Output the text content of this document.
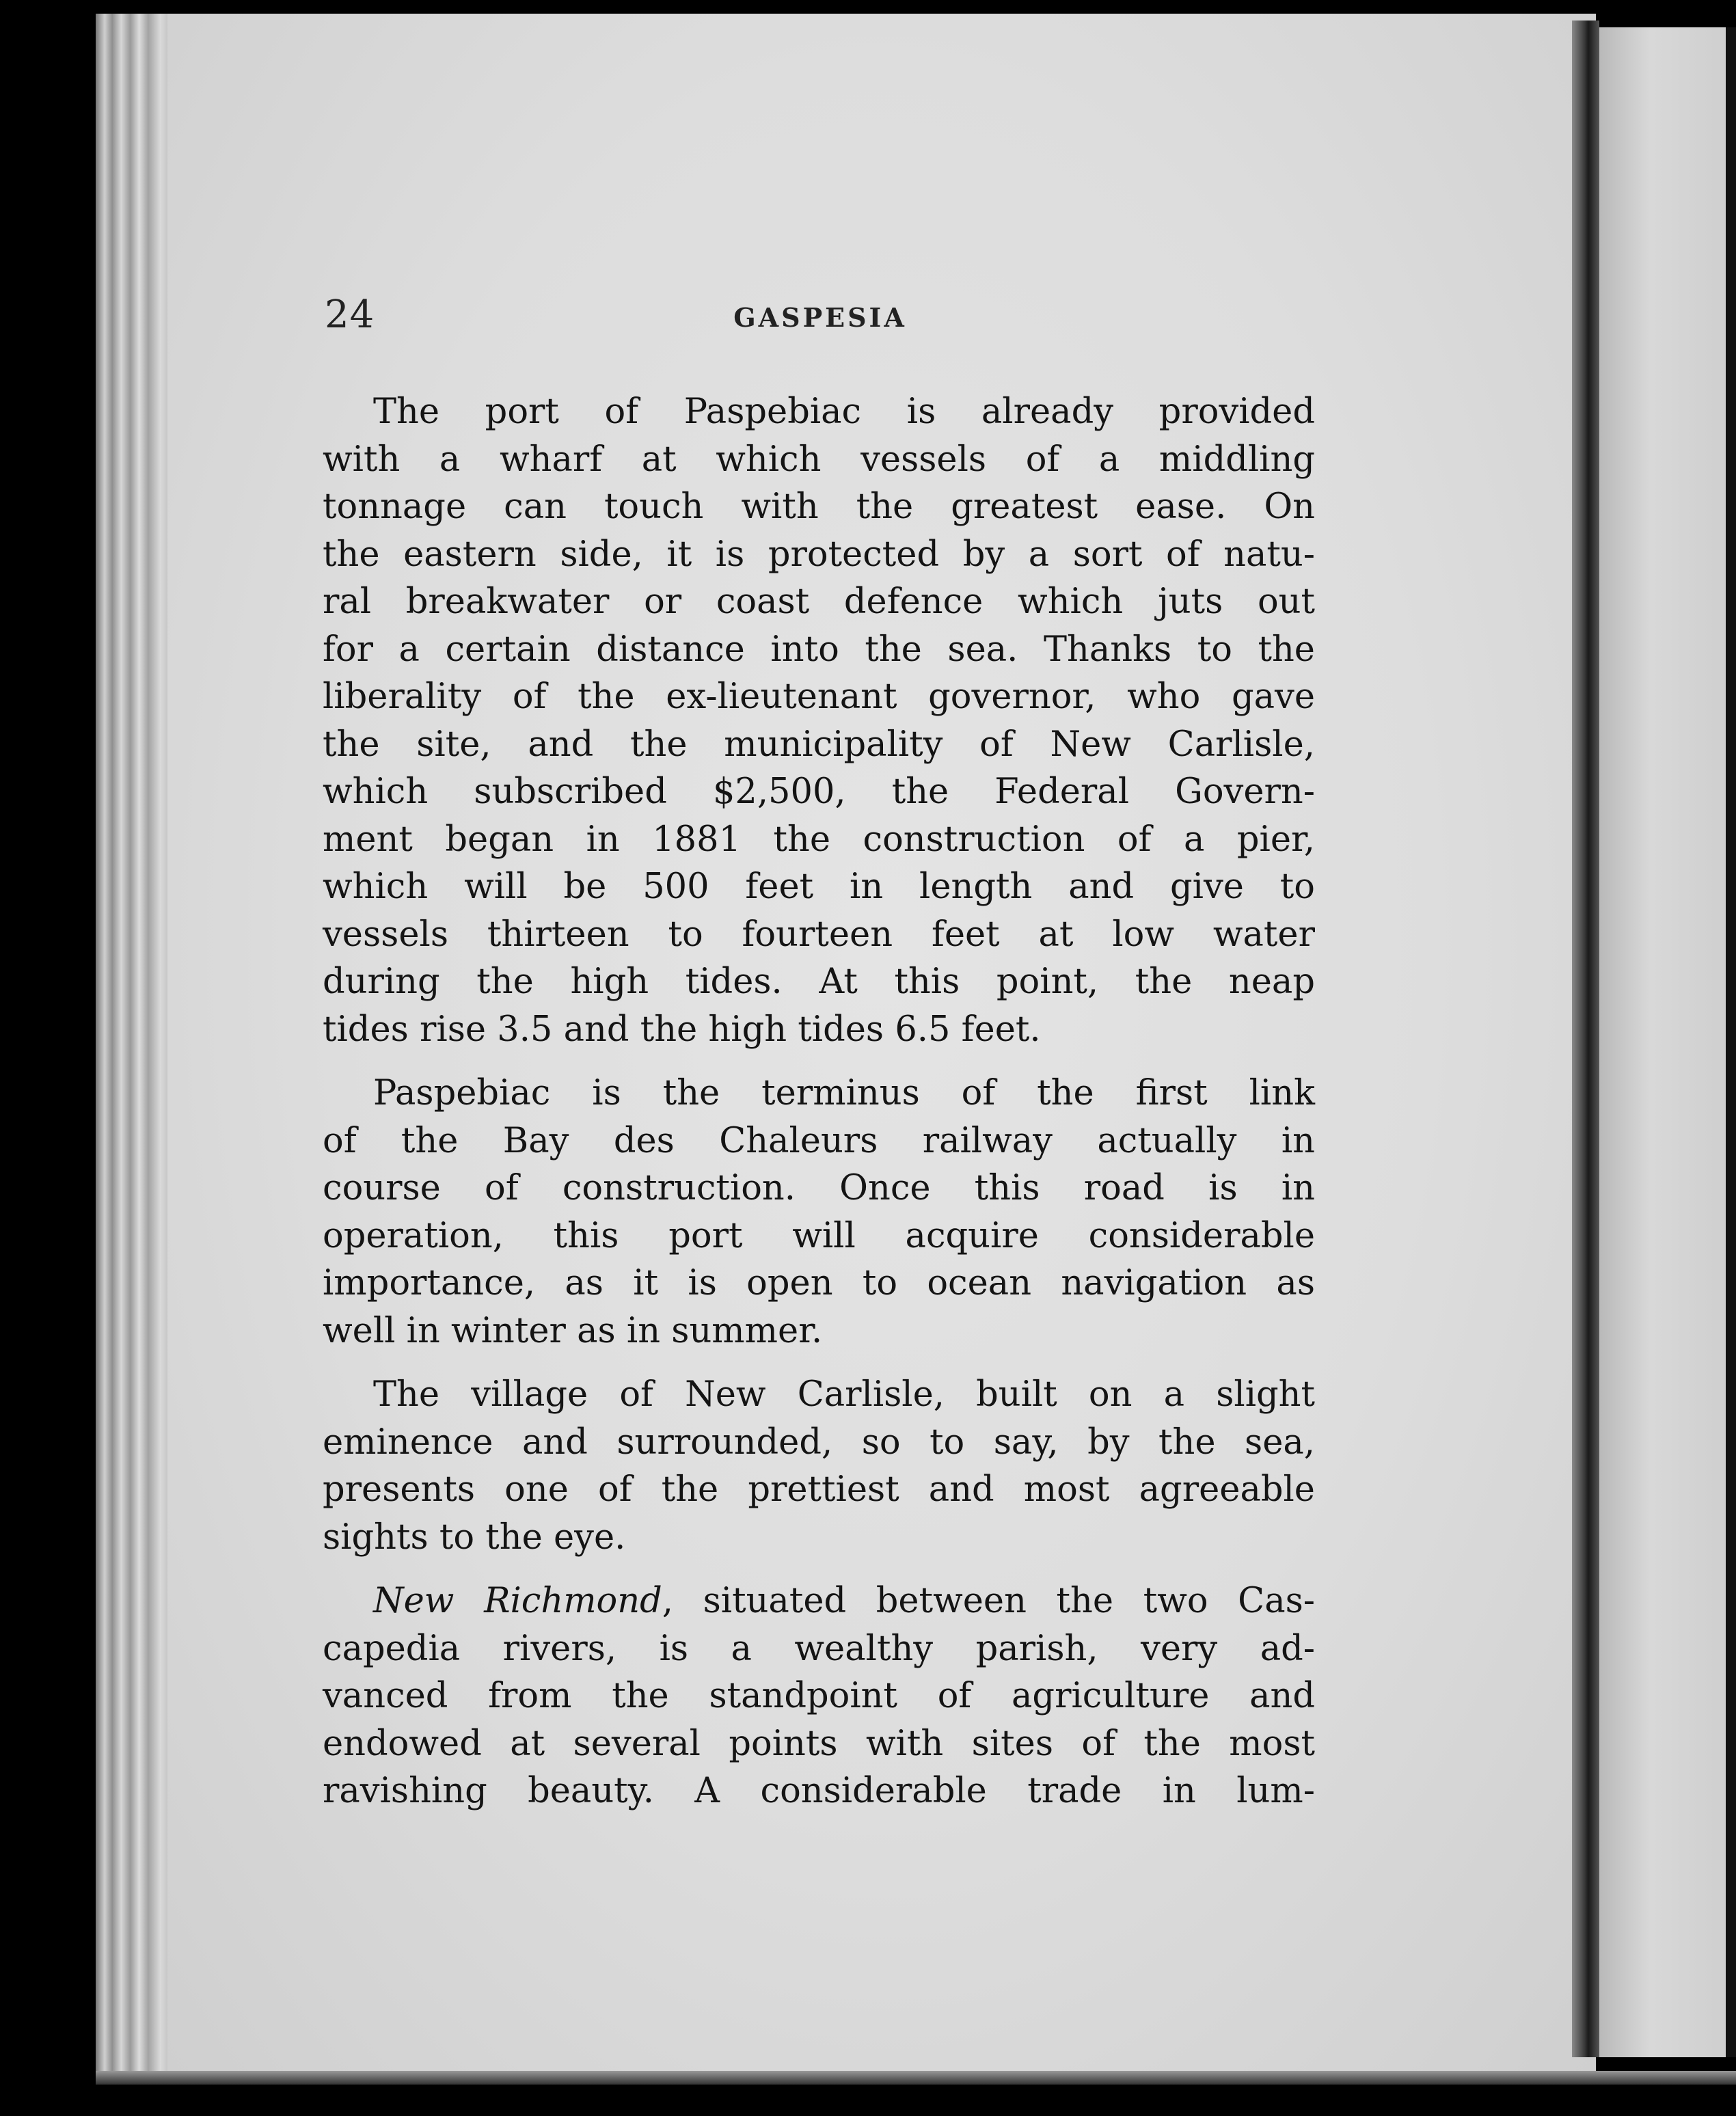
24	GASPESIA

The port of Paspebiac is already provided
with a wharf at which vessels of a middling
tonnage can touch with the greatest ease. On
the eastern side, it is protected by a sort of natu-
ral breakwater or coast defence which juts out
for a certain distance into the sea. Thanks to the
liberality of the ex-lieutenant governor, who gave
the site, and the municipality of New Carlisle,
which subscribed $2,500, the Federal Govern-
ment began in 1881 the construction of a pier,
which will be 500 feet in length and give to
vessels thirteen to fourteen feet at low water
during the high tides. At this point, the neap
tides rise 3.5 and the high tides 6.5 feet.

Paspebiac is the terminus of the first link
of the Bay des Chaleurs railway actually in
course of construction. Once this road is in
operation, this port will acquire considerable
importance, as it is open to ocean navigation as
well in winter as in summer.

The village of New Carlisle, built on a slight
eminence and surrounded, so to say, by the sea,
presents one of the prettiest and most agreeable
sights to the eye.

New Richmond, situated between the two Cas-
capedia rivers, is a wealthy parish, very ad-
vanced from the standpoint of agriculture and
endowed at several points with sites of the most
ravishing beauty. A considerable trade in lum-
